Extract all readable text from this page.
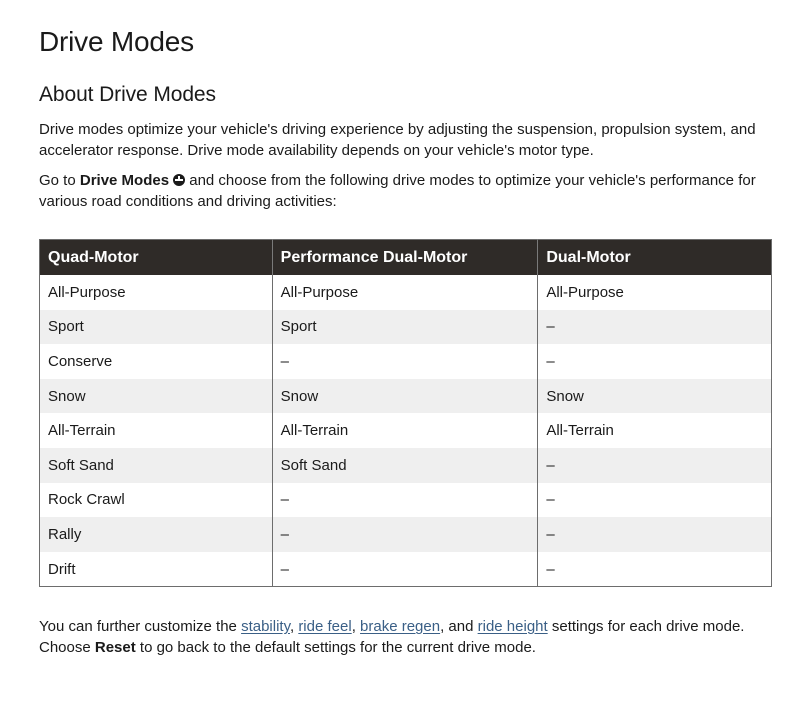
Drive Modes
About Drive Modes

Drive modes optimize your vehicle's driving experience by adjusting the suspension, propulsion system, and accelerator response. Drive mode availability depends on your vehicle's motor type.

Go to Drive Modes and choose from the following drive modes to optimize your vehicle's performance for various road conditions and driving activities:

Quad-Motor	Performance Dual-Motor	Dual-Motor
All-Purpose	All-Purpose	All-Purpose
Sport	Sport	–
Conserve	–	–
Snow	Snow	Snow
All-Terrain	All-Terrain	All-Terrain
Soft Sand	Soft Sand	–
Rock Crawl	–	–
Rally	–	–
Drift	–	–

You can further customize the stability, ride feel, brake regen, and ride height settings for each drive mode. Choose Reset to go back to the default settings for the current drive mode.
